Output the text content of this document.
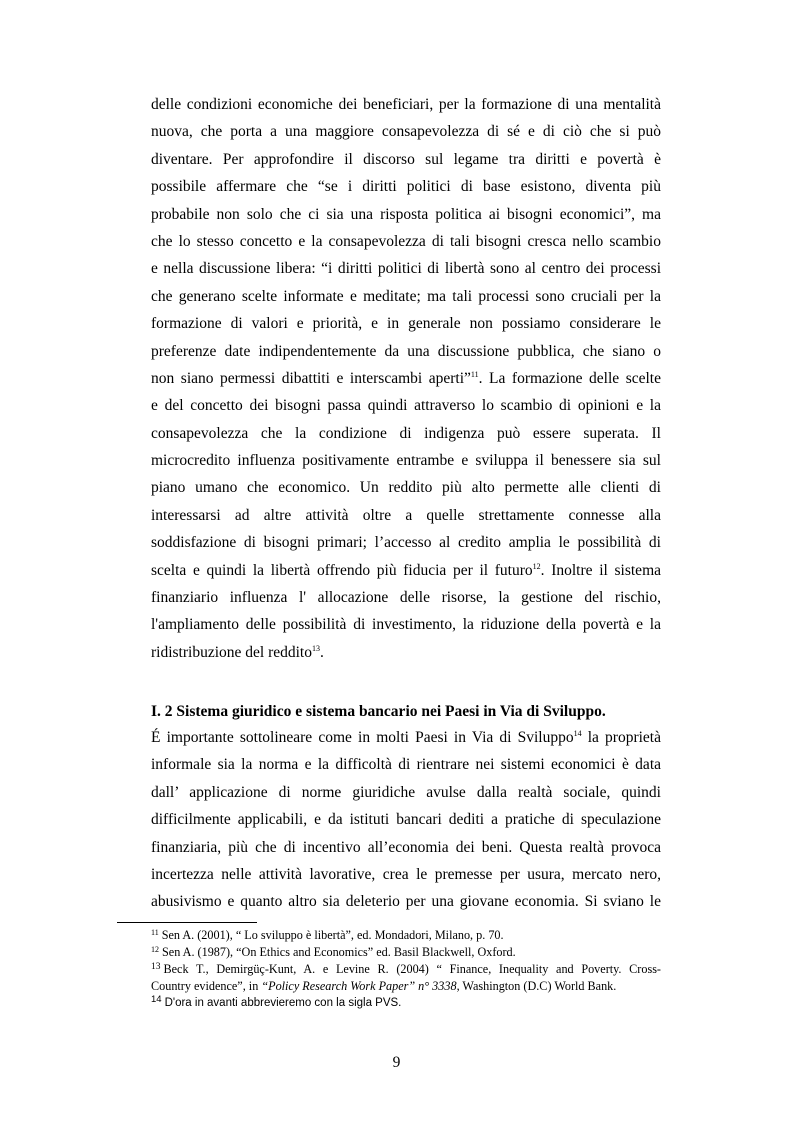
delle condizioni economiche dei beneficiari, per la formazione di una mentalità
nuova, che porta a una maggiore consapevolezza di sé e di ciò che si può
diventare. Per approfondire il discorso sul legame tra diritti e povertà è
possibile affermare che “se i diritti politici di base esistono, diventa più
probabile non solo che ci sia una risposta politica ai bisogni economici”, ma
che lo stesso concetto e la consapevolezza di tali bisogni cresca nello scambio
e nella discussione libera: “i diritti politici di libertà sono al centro dei processi
che generano scelte informate e meditate; ma tali processi sono cruciali per la
formazione di valori e priorità, e in generale non possiamo considerare le
preferenze date indipendentemente da una discussione pubblica, che siano o
non siano permessi dibattiti e interscambi aperti”$^{11}$. La formazione delle scelte
e del concetto dei bisogni passa quindi attraverso lo scambio di opinioni e la
consapevolezza che la condizione di indigenza può essere superata. Il
microcredito influenza positivamente entrambe e sviluppa il benessere sia sul
piano umano che economico. Un reddito più alto permette alle clienti di
interessarsi ad altre attività oltre a quelle strettamente connesse alla
soddisfazione di bisogni primari; l’accesso al credito amplia le possibilità di
scelta e quindi la libertà offrendo più fiducia per il futuro$^{12}$. Inoltre il sistema
finanziario influenza l' allocazione delle risorse, la gestione del rischio,
l'ampliamento delle possibilità di investimento, la riduzione della povertà e la
ridistribuzione del reddito$^{13}$.
I. 2 Sistema giuridico e sistema bancario nei Paesi in Via di Sviluppo.
É importante sottolineare come in molti Paesi in Via di Sviluppo$^{14}$ la proprietà
informale sia la norma e la difficoltà di rientrare nei sistemi economici è data
dall’ applicazione di norme giuridiche avulse dalla realtà sociale, quindi
difficilmente applicabili, e da istituti bancari dediti a pratiche di speculazione
finanziaria, più che di incentivo all’economia dei beni. Questa realtà provoca
incertezza nelle attività lavorative, crea le premesse per usura, mercato nero,
abusivismo e quanto altro sia deleterio per una giovane economia. Si sviano le
$^{11}$ Sen A. (2001), “ Lo sviluppo è libertà”, ed. Mondadori, Milano, p. 70.
$^{12}$ Sen A. (1987), “On Ethics and Economics” ed. Basil Blackwell, Oxford.
$^{13}$ Beck T., Demirgüç-Kunt, A. e Levine R. (2004) “ Finance, Inequality and Poverty. Cross-
Country evidence”, in “Policy Research Work Paper” n° 3338, Washington (D.C) World Bank.
$^{14}$ D'ora in avanti abbrevieremo con la sigla PVS.
9
